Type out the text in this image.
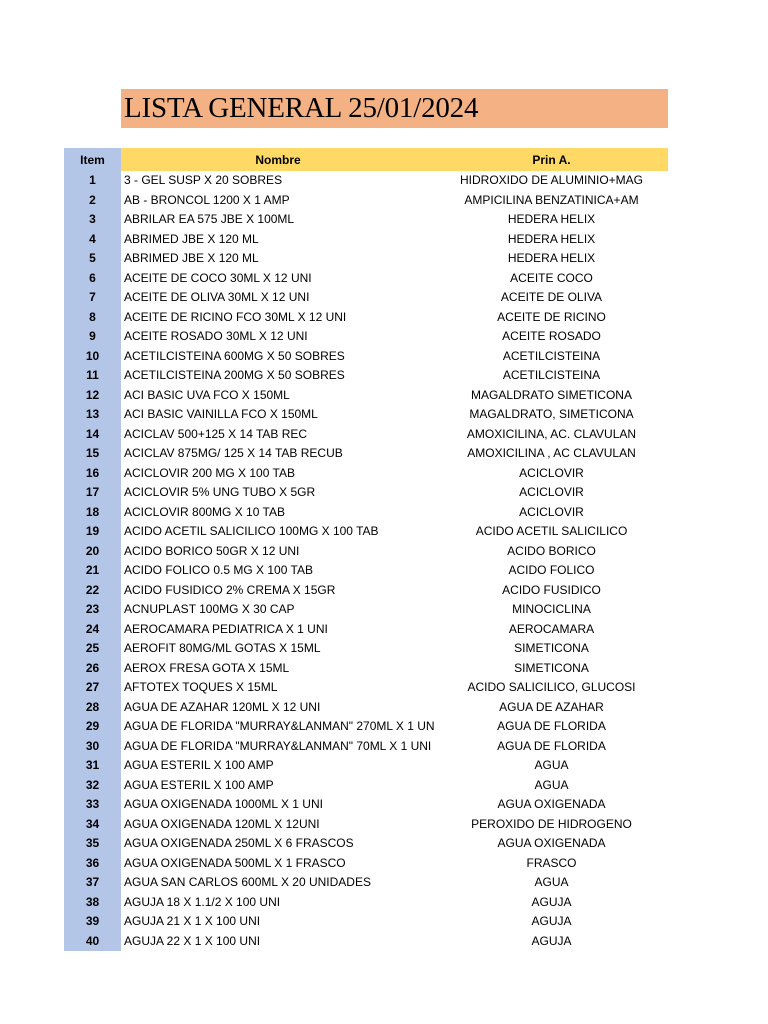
LISTA GENERAL 25/01/2024
Item	Nombre	Prin A.
1	3 - GEL SUSP X 20 SOBRES	HIDROXIDO DE ALUMINIO+MAG
2	AB - BRONCOL 1200 X 1 AMP	AMPICILINA BENZATINICA+AM
3	ABRILAR EA 575 JBE X 100ML	HEDERA HELIX
4	ABRIMED JBE X 120 ML	HEDERA HELIX
5	ABRIMED JBE X 120 ML	HEDERA HELIX
6	ACEITE DE COCO 30ML X 12 UNI	ACEITE COCO
7	ACEITE DE OLIVA 30ML X 12 UNI	ACEITE DE OLIVA
8	ACEITE DE RICINO FCO 30ML X 12 UNI	ACEITE DE RICINO
9	ACEITE ROSADO 30ML X 12 UNI	ACEITE ROSADO
10	ACETILCISTEINA 600MG X 50 SOBRES	ACETILCISTEINA
11	ACETILCISTEINA 200MG X 50 SOBRES	ACETILCISTEINA
12	ACI BASIC UVA FCO X 150ML	MAGALDRATO SIMETICONA
13	ACI BASIC VAINILLA FCO X 150ML	MAGALDRATO, SIMETICONA
14	ACICLAV 500+125 X 14 TAB REC	AMOXICILINA, AC. CLAVULAN
15	ACICLAV 875MG/ 125 X 14 TAB RECUB	AMOXICILINA , AC CLAVULAN
16	ACICLOVIR 200 MG X 100 TAB	ACICLOVIR
17	ACICLOVIR 5% UNG TUBO X 5GR	ACICLOVIR
18	ACICLOVIR 800MG X 10 TAB	ACICLOVIR
19	ACIDO ACETIL SALICILICO 100MG X 100 TAB	ACIDO ACETIL SALICILICO
20	ACIDO BORICO 50GR X 12 UNI	ACIDO BORICO
21	ACIDO FOLICO 0.5 MG X 100 TAB	ACIDO FOLICO
22	ACIDO FUSIDICO 2% CREMA X 15GR	ACIDO FUSIDICO
23	ACNUPLAST 100MG X 30 CAP	MINOCICLINA
24	AEROCAMARA PEDIATRICA X 1 UNI	AEROCAMARA
25	AEROFIT 80MG/ML GOTAS X 15ML	SIMETICONA
26	AEROX FRESA GOTA X 15ML	SIMETICONA
27	AFTOTEX TOQUES X 15ML	ACIDO SALICILICO, GLUCOSI
28	AGUA DE AZAHAR 120ML X 12 UNI	AGUA DE AZAHAR
29	AGUA DE FLORIDA "MURRAY&LANMAN" 270ML X 1 UN	AGUA DE FLORIDA
30	AGUA DE FLORIDA "MURRAY&LANMAN" 70ML X 1 UNI	AGUA DE FLORIDA
31	AGUA ESTERIL X 100 AMP	AGUA
32	AGUA ESTERIL X 100 AMP	AGUA
33	AGUA OXIGENADA 1000ML X 1 UNI	AGUA OXIGENADA
34	AGUA OXIGENADA 120ML X 12UNI	PEROXIDO DE HIDROGENO
35	AGUA OXIGENADA 250ML X 6 FRASCOS	AGUA OXIGENADA
36	AGUA OXIGENADA 500ML X 1 FRASCO	FRASCO
37	AGUA SAN CARLOS 600ML X 20 UNIDADES	AGUA
38	AGUJA 18 X 1.1/2 X 100 UNI	AGUJA
39	AGUJA 21 X 1 X 100 UNI	AGUJA
40	AGUJA 22 X 1 X 100 UNI	AGUJA
